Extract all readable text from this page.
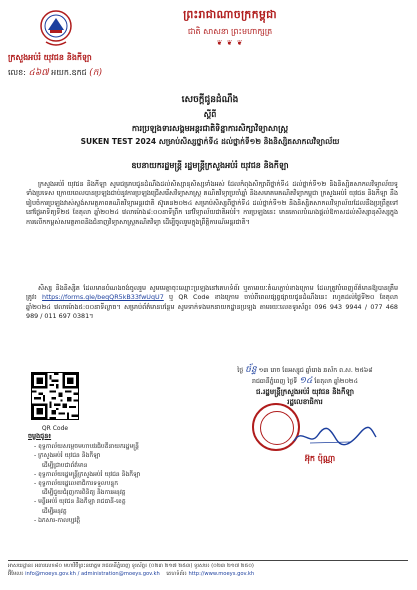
ព្រះរាជាណាចក្រកម្ពុជា
ជាតិ សាសនា ព្រះមហាក្សត្រ
❦ ❦ ❦
ក្រសួងអប់រំ យុវជន និងកីឡា
លេខ: ៤៦៧ អយក.ឧកជ (ក)
សេចក្តីជូនដំណឹង
ស្តីពី
ការប្រឡងទារសង្គមអន្តរជាតិទិន្នាការសិក្សាវិទ្យាសាស្ត្រ
SUKEN TEST 2024 សម្រាប់សិស្សថ្នាក់ទី៤ ដល់ថ្នាក់ទី១២ និងនិស្សិតសាកលវិទ្យាល័យ
ឧបនាយករដ្ឋមន្ត្រី រដ្ឋមន្ត្រីក្រសួងអប់រំ យុវជន និងកីឡា
ក្រសួងអប់រំ យុវជន និងកីឡា សូមជម្រាបជូនដំណឹងដល់សិស្សានុសិស្សទាំងអស់ ដែលកំពុងសិក្សាពីថ្នាក់ទី៤ ដល់ថ្នាក់ទី១២ និងនិស្សិតសាកលវិទ្យាល័យទូទាំងប្រទេស ក្រោយពេលបានប្រឡងជាប់នូវការប្រឡងជ្រើសរើសវិទ្យាសាស្ត្រ គណិតវិទ្យាប្រចាំឆ្នាំ និងសមាគមគណិតវិទ្យាកម្ពុជា ក្រសួងអប់រំ យុវជន និងកីឡា នឹងរៀបចំការប្រឡងវាស់ស្ទង់សមត្ថភាពគណិតវិទ្យាអន្តរជាតិ ស៊ូគេន២០២៤ សម្រាប់សិស្សពីថ្នាក់ទី៤ ដល់ថ្នាក់ទី១២ និងនិស្សិតសាកលវិទ្យាល័យដែលនឹងប្រព្រឹត្តទៅនៅថ្ងៃអាទិត្យទី២៥ ខែតុលា ឆ្នាំ២០២៤ វេលាម៉ោង៨:០០នាទីព្រឹក នៅវិទ្យាល័យជាតិអប់រំ។ ការប្រឡងនេះ មានគោលបំណងផ្តល់ឱកាសដល់សិស្សានុសិស្សក្នុងការលើកកម្ពស់សមត្ថភាពនិងជំនាញវិទ្យាសាស្ត្រគណិតវិទ្យា ដើម្បីចូលរួមក្នុងព្រឹត្តិការណ៍អន្តរជាតិ។
សិស្ស និងនិស្សិត ដែលមានបំណងចង់ចូលរួម សូមមេត្តាចុះឈ្មោះប្រឡងនៅគេហទំព័រ ឬតាមរយៈតំណភ្ជាប់ខាងក្រោម ដែលត្រូវបំពេញព័ត៌មានឱ្យបានត្រឹមត្រូវ៖ https://forms.gle/beqQR5kB33fwUqU7 ឬ QR Code ខាងក្រោម ចាប់ពីពេលផ្សព្វផ្សាយជូនដំណឹងនេះ រហូតដល់ថ្ងៃទី២០ ខែតុលា ឆ្នាំ២០២៤ វេលាម៉ោង៥:០០នាទីល្ងាច។ សម្រាប់ព័ត៌មានបន្ថែម សូមទាក់ទងមកនាយកដ្ឋានប្រឡង តាមរយៈលេខទូរស័ព្ទ៖ 096 943 9944 / 077 468 989 / 011 697 0381។
QR Code
ថ្ងៃ ច័ន្ទ ១៣ រោច ខែអស្សុជ ឆ្នាំរោង ឆស័ក ព.ស. ២៥៦៨
រាជធានីភ្នំពេញ ថ្ងៃទី ១៤ ខែតុលា ឆ្នាំ២០២៤
ជ.រដ្ឋមន្ត្រីក្រសួងអប់រំ យុវជន និងកីឡា
រដ្ឋលេខាធិការ
អ៊ុក ប៉ុណ្ណា
ចម្លងជូន៖
- ខុទ្ទកាល័យសម្តេចមហាបវរធិបតីនាយករដ្ឋមន្ត្រី
- ក្រសួងអប់រំ យុវជន និងកីឡា
ដើម្បីជ្រាបជាព័ត៌មាន
- ខុទ្ទកាល័យរដ្ឋមន្ត្រីក្រសួងអប់រំ យុវជន និងកីឡា
- ខុទ្ទកាល័យរដ្ឋលេខាធិការទទួលបន្ទុក
ដើម្បីជួយជំរុញការពិនិត្យ និងការអនុវត្ត
- មន្ទីរអប់រំ យុវជន និងកីឡា រាជធានី-ខេត្ត
ដើម្បីអនុវត្ត
- ឯកសារ-កាលប្បវត្តិ
អាសយដ្ឋាន៖ អគារលេខ៨០ មហាវិថីព្រះនរោត្តម រាជធានីភ្នំពេញ ទូរស័ព្ទ៖ (០២៣ ២១៧ ២៥៣) ទូរសារ៖ (០២៣ ២១៧ ២៥០)
អ៊ីមែល៖ info@moeys.gov.kh / administration@moeys.gov.kh គេហទំព័រ៖ http://www.moeys.gov.kh
